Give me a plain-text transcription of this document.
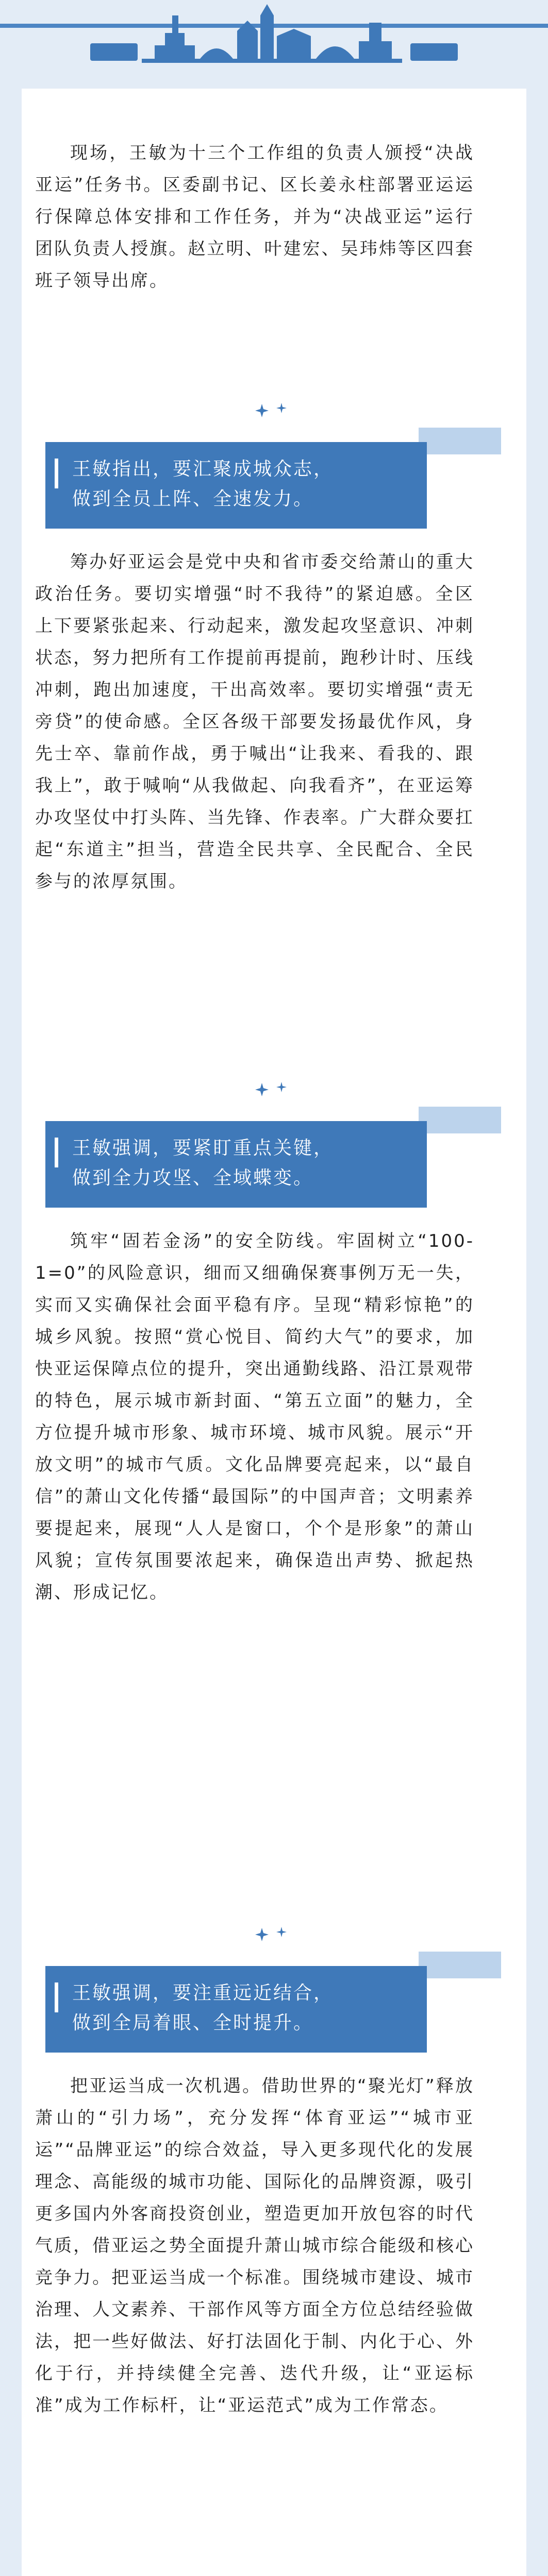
现场，王敏为十三个工作组的负责人颁授“决战亚运”任务书。区委副书记、区长姜永柱部署亚运运行保障总体安排和工作任务，并为“决战亚运”运行团队负责人授旗。赵立明、叶建宏、吴玮炜等区四套班子领导出席。

王敏指出，要汇聚成城众志，
做到全员上阵、全速发力。

筹办好亚运会是党中央和省市委交给萧山的重大政治任务。要切实增强“时不我待”的紧迫感。全区上下要紧张起来、行动起来，激发起攻坚意识、冲刺状态，努力把所有工作提前再提前，跑秒计时、压线冲刺，跑出加速度，干出高效率。要切实增强“责无旁贷”的使命感。全区各级干部要发扬最优作风，身先士卒、靠前作战，勇于喊出“让我来、看我的、跟我上”，敢于喊响“从我做起、向我看齐”，在亚运筹办攻坚仗中打头阵、当先锋、作表率。广大群众要扛起“东道主”担当，营造全民共享、全民配合、全民参与的浓厚氛围。

王敏强调，要紧盯重点关键，
做到全力攻坚、全域蝶变。

筑牢“固若金汤”的安全防线。牢固树立“100-1=0”的风险意识，细而又细确保赛事例万无一失，实而又实确保社会面平稳有序。呈现“精彩惊艳”的城乡风貌。按照“赏心悦目、简约大气”的要求，加快亚运保障点位的提升，突出通勤线路、沿江景观带的特色，展示城市新封面、“第五立面”的魅力，全方位提升城市形象、城市环境、城市风貌。展示“开放文明”的城市气质。文化品牌要亮起来，以“最自信”的萧山文化传播“最国际”的中国声音；文明素养要提起来，展现“人人是窗口，个个是形象”的萧山风貌；宣传氛围要浓起来，确保造出声势、掀起热潮、形成记忆。

王敏强调，要注重远近结合，
做到全局着眼、全时提升。

把亚运当成一次机遇。借助世界的“聚光灯”释放萧山的“引力场”，充分发挥“体育亚运”“城市亚运”“品牌亚运”的综合效益，导入更多现代化的发展理念、高能级的城市功能、国际化的品牌资源，吸引更多国内外客商投资创业，塑造更加开放包容的时代气质，借亚运之势全面提升萧山城市综合能级和核心竞争力。把亚运当成一个标准。围绕城市建设、城市治理、人文素养、干部作风等方面全方位总结经验做法，把一些好做法、好打法固化于制、内化于心、外化于行，并持续健全完善、迭代升级，让“亚运标准”成为工作标杆，让“亚运范式”成为工作常态。
